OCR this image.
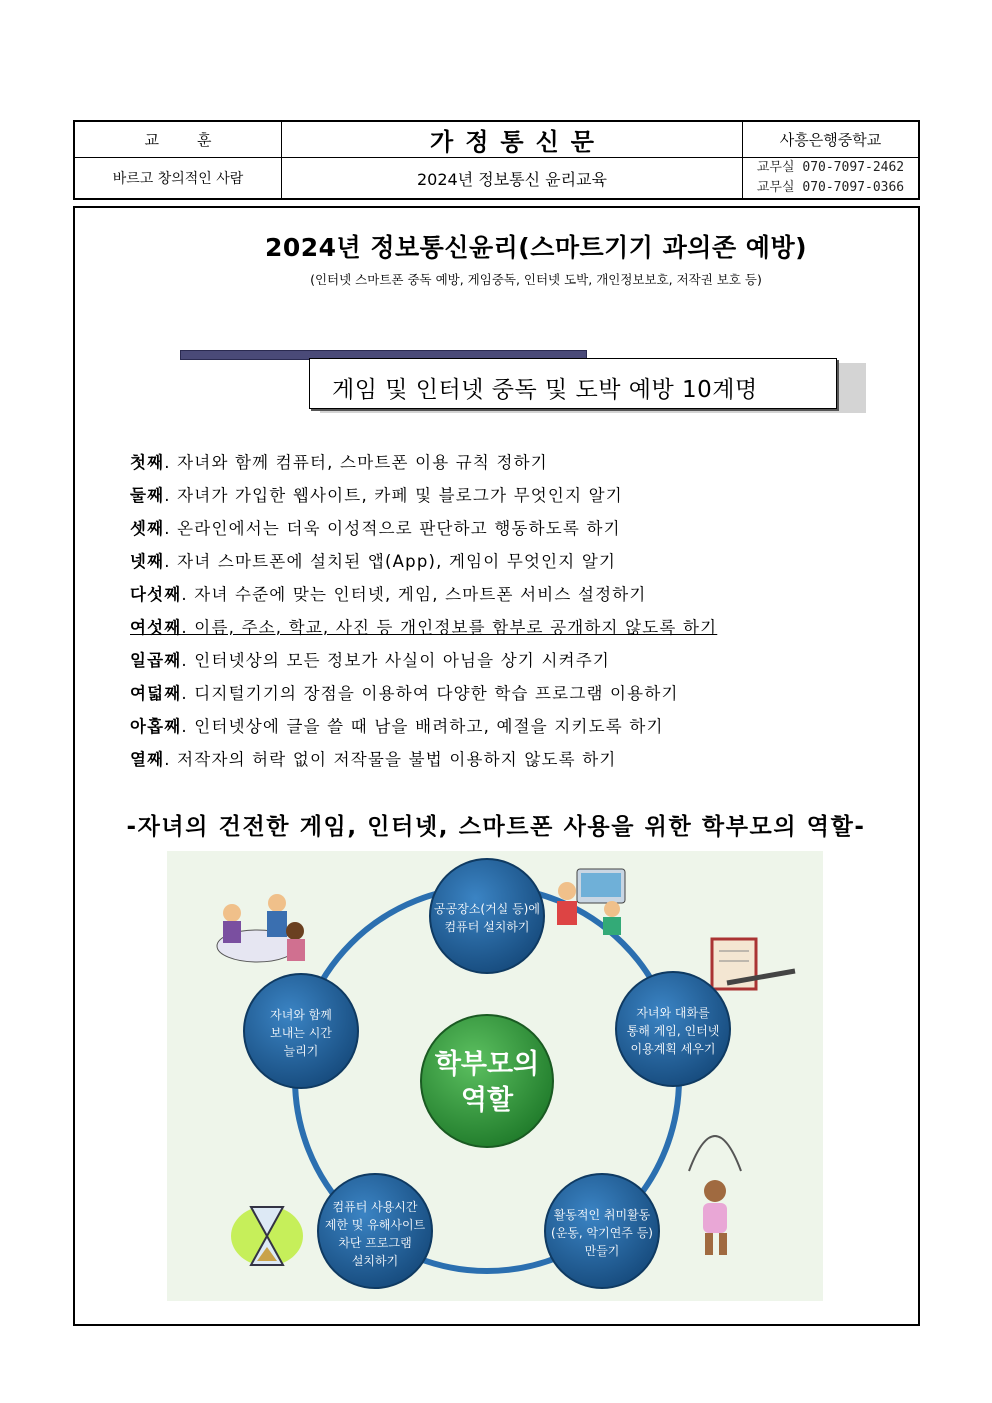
교훈	가정통신문	사흥은행중학교
바르고 창의적인 사람	2024년 정보통신 윤리교육
교무실 070-7097-2462
교무실 070-7097-0366
2024년 정보통신윤리(스마트기기 과의존 예방)
(인터넷 스마트폰 중독 예방, 게임중독, 인터넷 도박, 개인정보보호, 저작권 보호 등)
게임 및 인터넷 중독 및 도박 예방 10계명
첫째. 자녀와 함께 컴퓨터, 스마트폰 이용 규칙 정하기
둘째. 자녀가 가입한 웹사이트, 카페 및 블로그가 무엇인지 알기
셋째. 온라인에서는 더욱 이성적으로 판단하고 행동하도록 하기
넷째. 자녀 스마트폰에 설치된 앱(App), 게임이 무엇인지 알기
다섯째. 자녀 수준에 맞는 인터넷, 게임, 스마트폰 서비스 설정하기
여섯째. 이름, 주소, 학교, 사진 등 개인정보를 함부로 공개하지 않도록 하기
일곱째. 인터넷상의 모든 정보가 사실이 아님을 상기 시켜주기
여덟째. 디지털기기의 장점을 이용하여 다양한 학습 프로그램 이용하기
아홉째. 인터넷상에 글을 쓸 때 남을 배려하고, 예절을 지키도록 하기
열째. 저작자의 허락 없이 저작물을 불법 이용하지 않도록 하기
-자녀의 건전한 게임, 인터넷, 스마트폰 사용을 위한 학부모의 역할-
학부모의
역할
공공장소(거실 등)에
컴퓨터 설치하기
자녀와 대화를
통해 게임, 인터넷
이용계획 세우기
활동적인 취미활동
(운동, 악기연주 등)
만들기
컴퓨터 사용시간
제한 및 유해사이트
차단 프로그램
설치하기
자녀와 함께
보내는 시간
늘리기
